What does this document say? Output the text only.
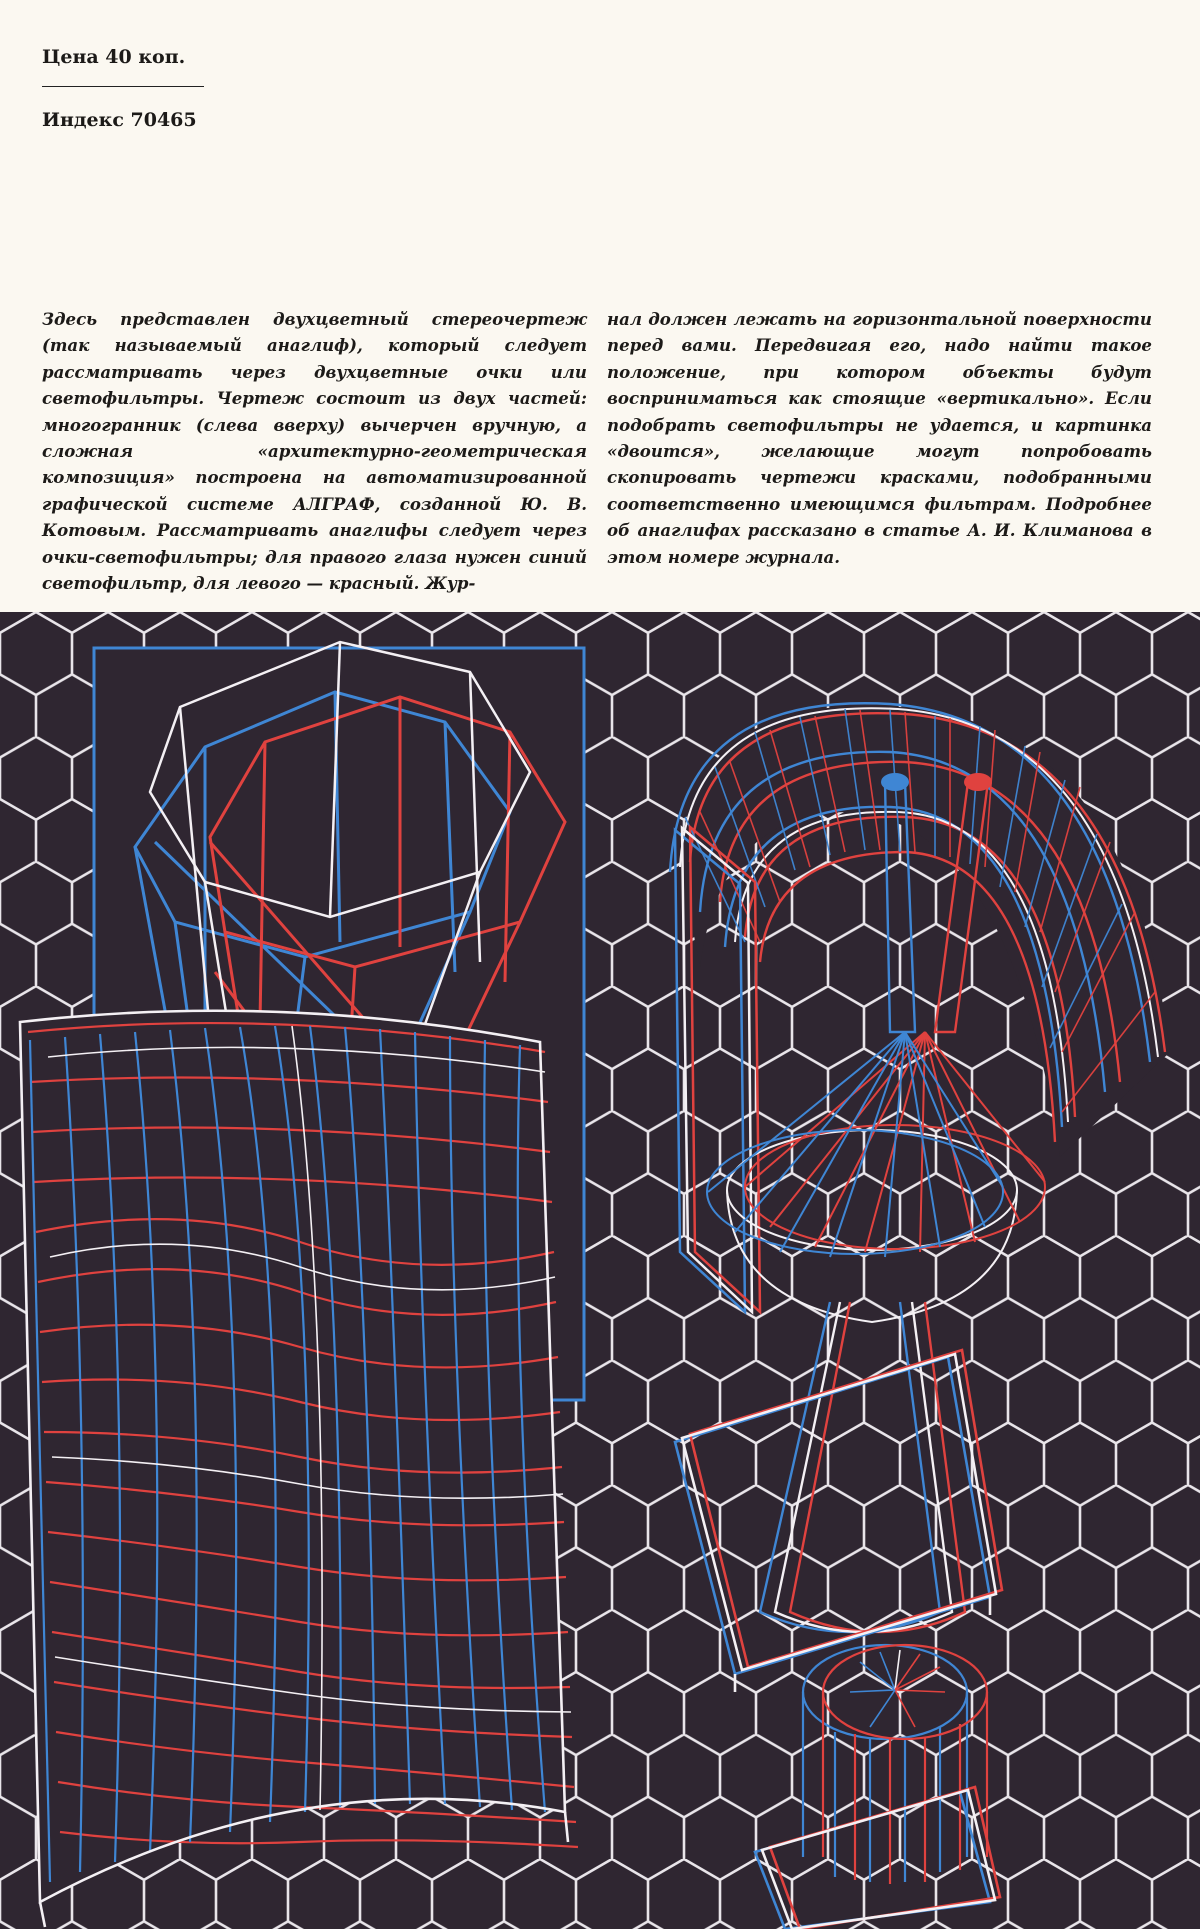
Цена 40 коп.

Индекс 70465

Здесь представлен двухцветный стереочертеж (так называемый анаглиф), который следует рассматривать через двухцветные очки или светофильтры. Чертеж состоит из двух частей: многогранник (слева вверху) вычерчен вручную, а сложная «архитектурно-геометрическая композиция» построена на автоматизированной графической системе АЛГРАФ, созданной Ю. В. Котовым. Рассматривать анаглифы следует через очки-светофильтры; для правого глаза нужен синий светофильтр, для левого — красный. Жур-

нал должен лежать на горизонтальной поверхности перед вами. Передвигая его, надо найти такое положение, при котором объекты будут восприниматься как стоящие «вертикально». Если подобрать светофильтры не удается, и картинка «двоится», желающие могут попробовать скопировать чертежи красками, подобранными соответственно имеющимся фильтрам. Подробнее об анаглифах рассказано в статье А. И. Климанова в этом номере журнала.
